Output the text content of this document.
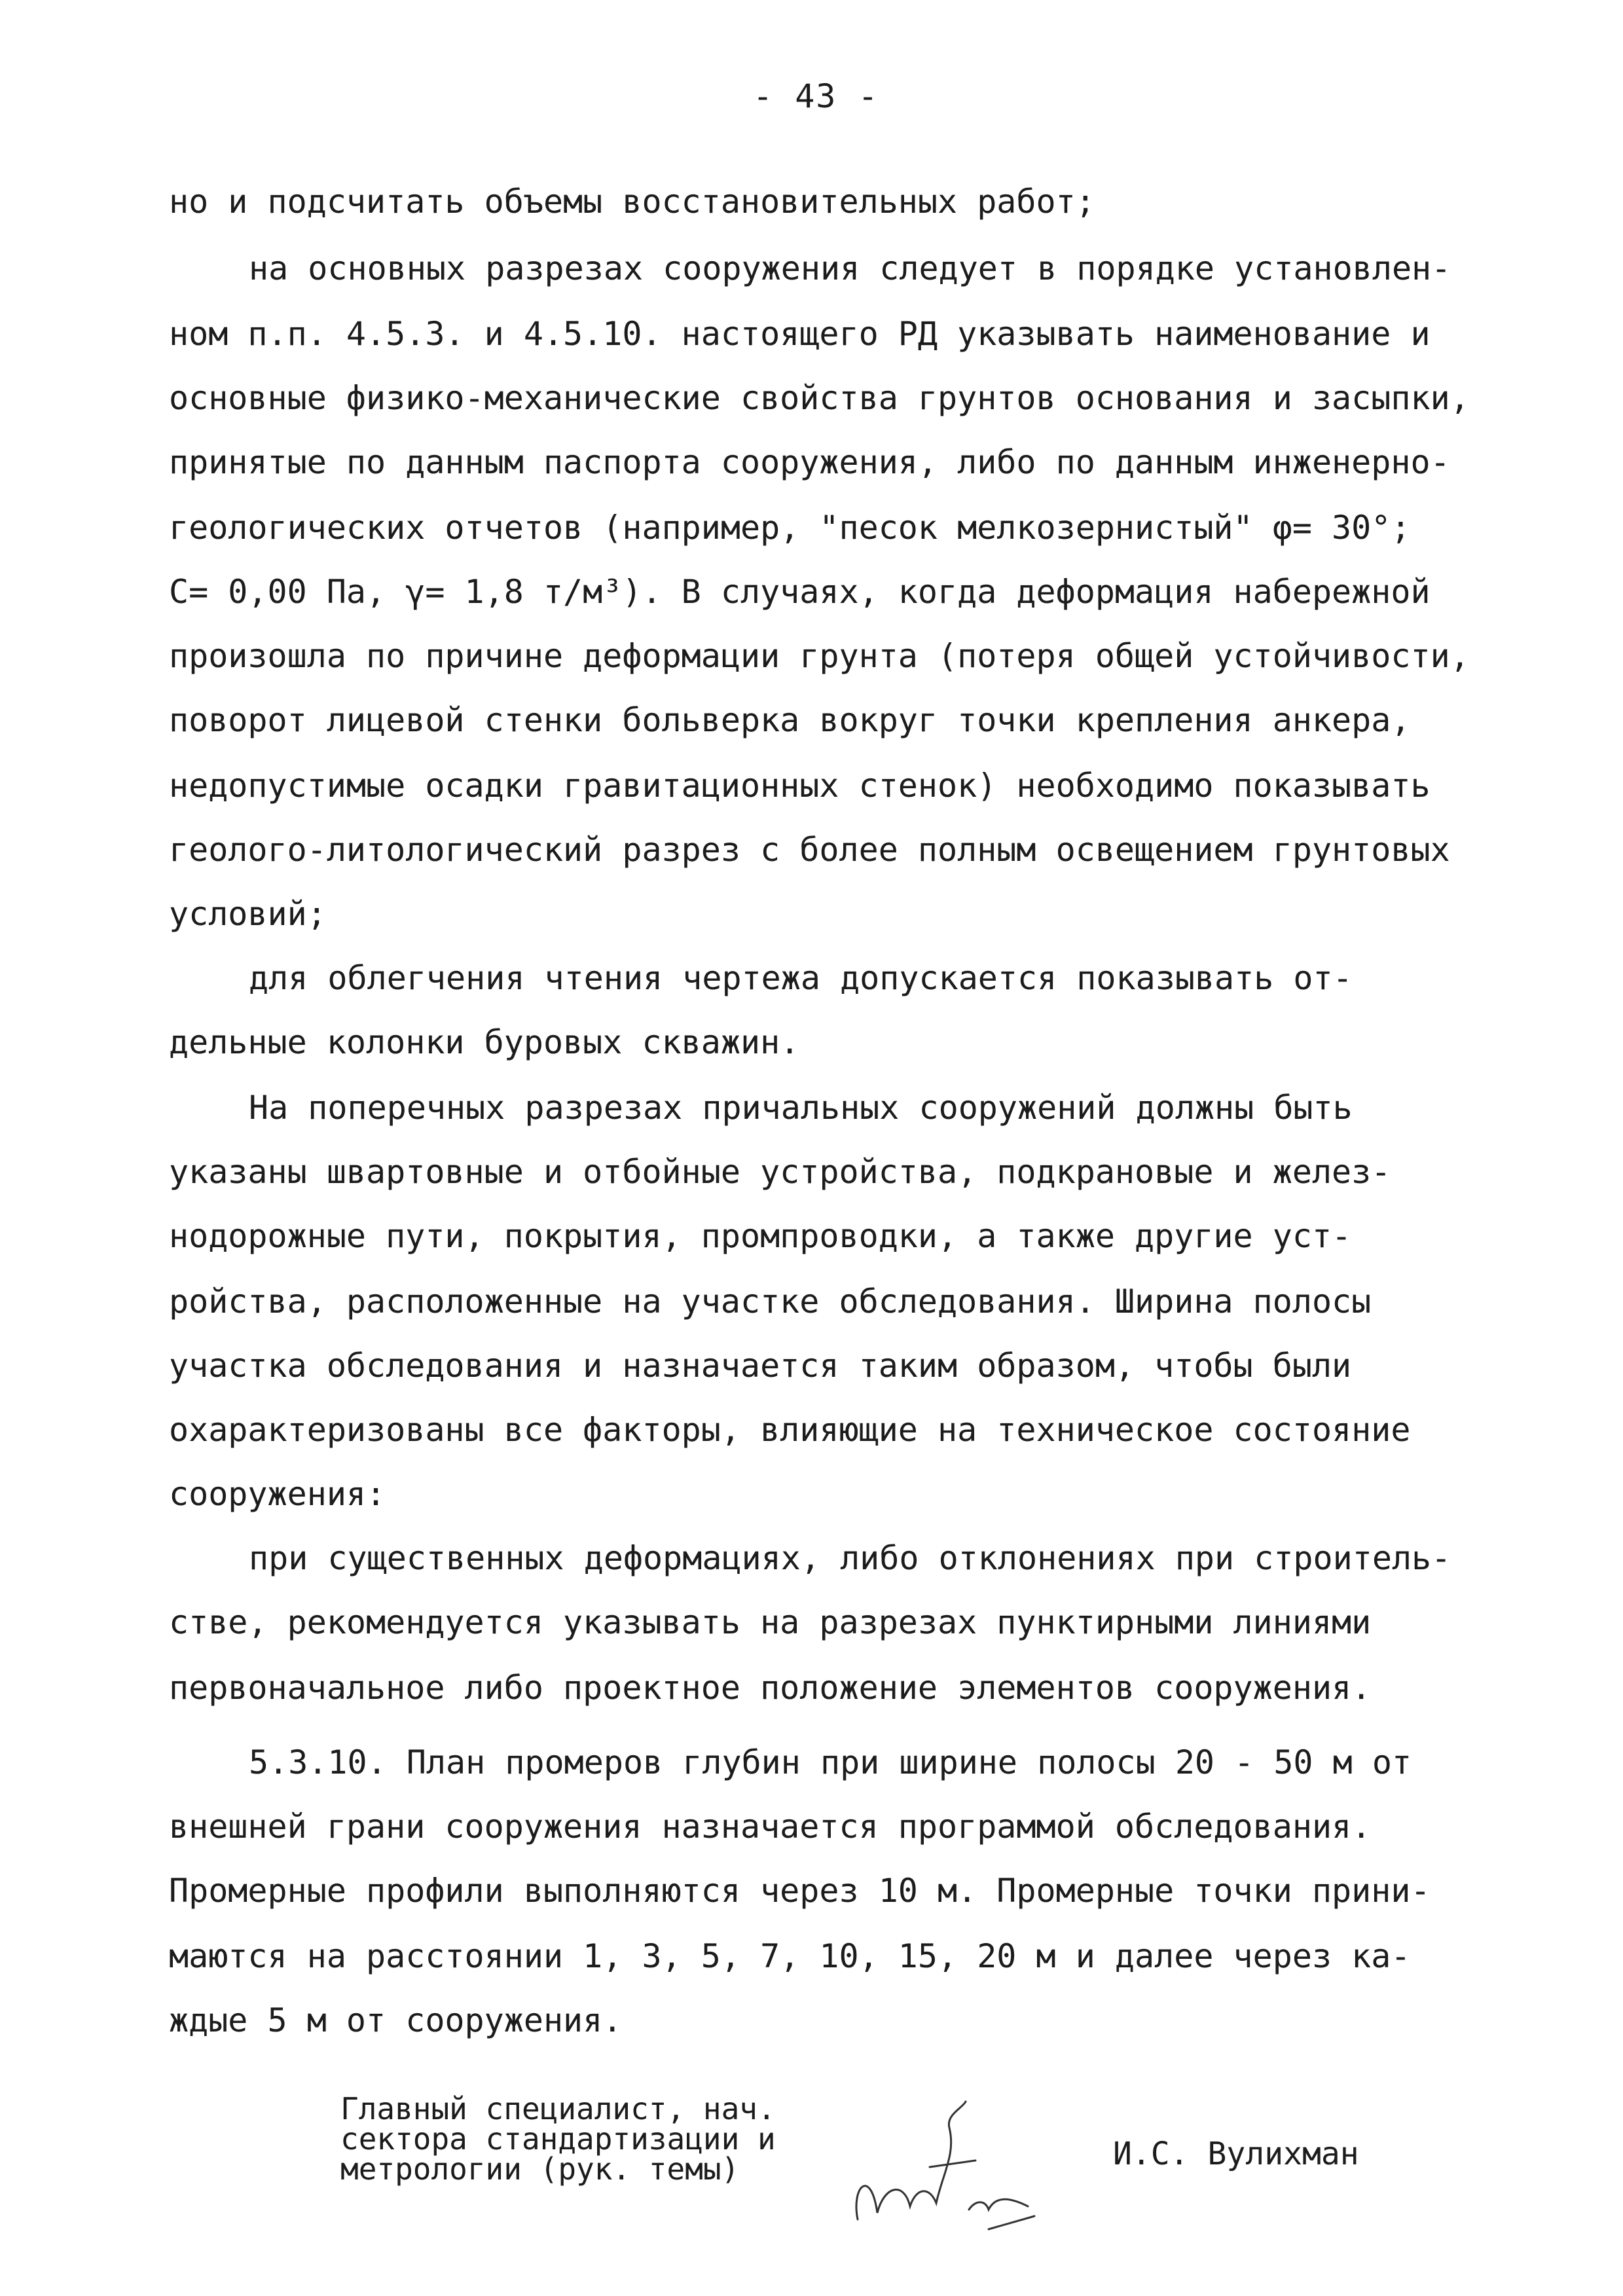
- 43 -
но и подсчитать объемы восстановительных работ;
на основных разрезах сооружения следует в порядке установлен-
ном п.п. 4.5.3. и 4.5.10. настоящего РД указывать наименование и
основные физико-механические свойства грунтов основания и засыпки,
принятые по данным паспорта сооружения, либо по данным инженерно-
геологических отчетов (например, "песок мелкозернистый" φ= 30°;
C= 0,00 Па, γ= 1,8 т/м³). В случаях, когда деформация набережной
произошла по причине деформации грунта (потеря общей устойчивости,
поворот лицевой стенки больверка вокруг точки крепления анкера,
недопустимые осадки гравитационных стенок) необходимо показывать
геолого-литологический разрез с более полным освещением грунтовых
условий;
для облегчения чтения чертежа допускается показывать от-
дельные колонки буровых скважин.
На поперечных разрезах причальных сооружений должны быть
указаны швартовные и отбойные устройства, подкрановые и желез-
нодорожные пути, покрытия, промпроводки, а также другие уст-
ройства, расположенные на участке обследования. Ширина полосы
участка обследования и назначается таким образом, чтобы были
охарактеризованы все факторы, влияющие на техническое состояние
сооружения:
при существенных деформациях, либо отклонениях при строитель-
стве, рекомендуется указывать на разрезах пунктирными линиями
первоначальное либо проектное положение элементов сооружения.
5.3.10. План промеров глубин при ширине полосы 20 - 50 м от
внешней грани сооружения назначается программой обследования.
Промерные профили выполняются через 10 м. Промерные точки прини-
маются на расстоянии 1, 3, 5, 7, 10, 15, 20 м и далее через ка-
ждые 5 м от сооружения.
Главный специалист, нач.
сектора стандартизации и
метрологии (рук. темы)	И.С. Вулихман
